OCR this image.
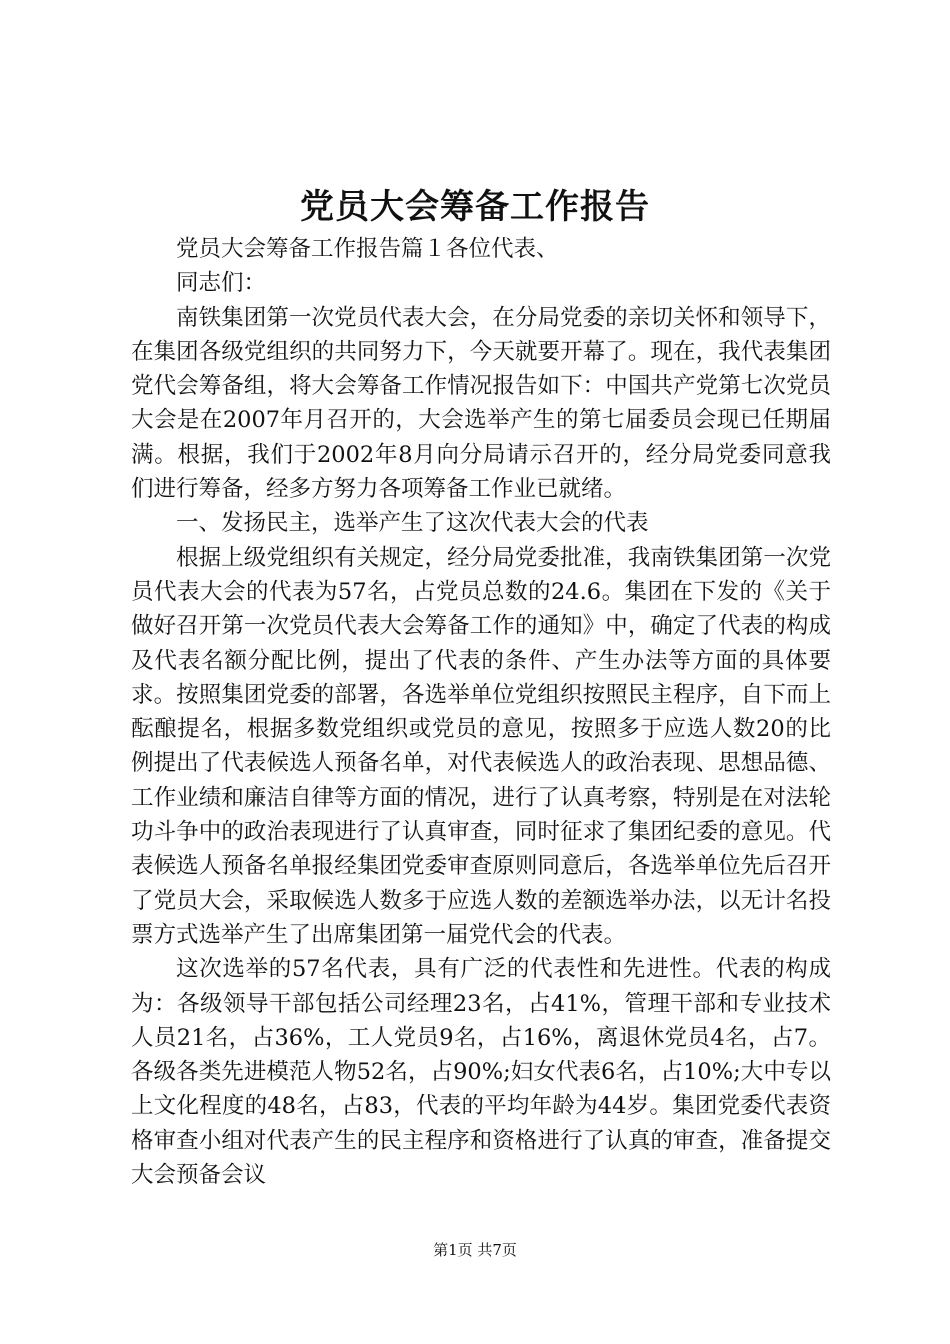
党员大会筹备工作报告

党员大会筹备工作报告篇１各位代表、

同志们：

南铁集团第一次党员代表大会，在分局党委的亲切关怀和领导下，在集团各级党组织的共同努力下，今天就要开幕了。现在，我代表集团党代会筹备组，将大会筹备工作情况报告如下：中国共产党第七次党员大会是在2007年月召开的，大会选举产生的第七届委员会现已任期届满。根据，我们于2002年8月向分局请示召开的，经分局党委同意我们进行筹备，经多方努力各项筹备工作业已就绪。

一、发扬民主，选举产生了这次代表大会的代表

根据上级党组织有关规定，经分局党委批准，我南铁集团第一次党员代表大会的代表为57名，占党员总数的24.6。集团在下发的《关于做好召开第一次党员代表大会筹备工作的通知》中，确定了代表的构成及代表名额分配比例，提出了代表的条件、产生办法等方面的具体要求。按照集团党委的部署，各选举单位党组织按照民主程序，自下而上酝酿提名，根据多数党组织或党员的意见，按照多于应选人数20的比例提出了代表候选人预备名单，对代表候选人的政治表现、思想品德、工作业绩和廉洁自律等方面的情况，进行了认真考察，特别是在对法轮功斗争中的政治表现进行了认真审查，同时征求了集团纪委的意见。代表候选人预备名单报经集团党委审查原则同意后，各选举单位先后召开了党员大会，采取候选人数多于应选人数的差额选举办法，以无计名投票方式选举产生了出席集团第一届党代会的代表。

这次选举的57名代表，具有广泛的代表性和先进性。代表的构成为：各级领导干部包括公司经理23名，占41%，管理干部和专业技术人员21名，占36%，工人党员9名，占16%，离退休党员4名，占7。各级各类先进模范人物52名，占90%;妇女代表6名，占10%;大中专以上文化程度的48名，占83，代表的平均年龄为44岁。集团党委代表资格审查小组对代表产生的民主程序和资格进行了认真的审查，准备提交大会预备会议

第1页 共7页
